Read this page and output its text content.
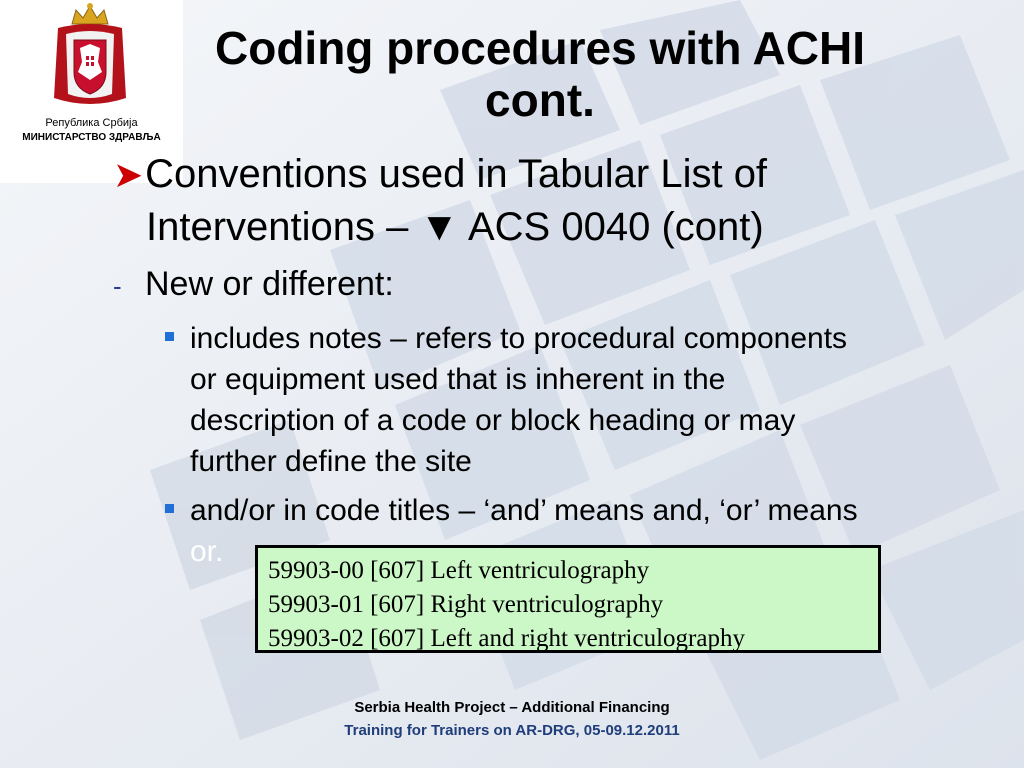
Република Србија
МИНИСТАРСТВО ЗДРАВЉА
Coding procedures with ACHI
cont.
➤Conventions used in Tabular List of
Interventions – ▼ ACS 0040 (cont)
- New or different:
includes notes – refers to procedural components
or equipment used that is inherent in the
description of a code or block heading or may
further define the site
and/or in code titles – ‘and’ means and, ‘or’ means
or.
59903-00 [607] Left ventriculography
59903-01 [607] Right ventriculography
59903-02 [607] Left and right ventriculography
Serbia Health Project – Additional Financing
Training for Trainers on AR-DRG, 05-09.12.2011
